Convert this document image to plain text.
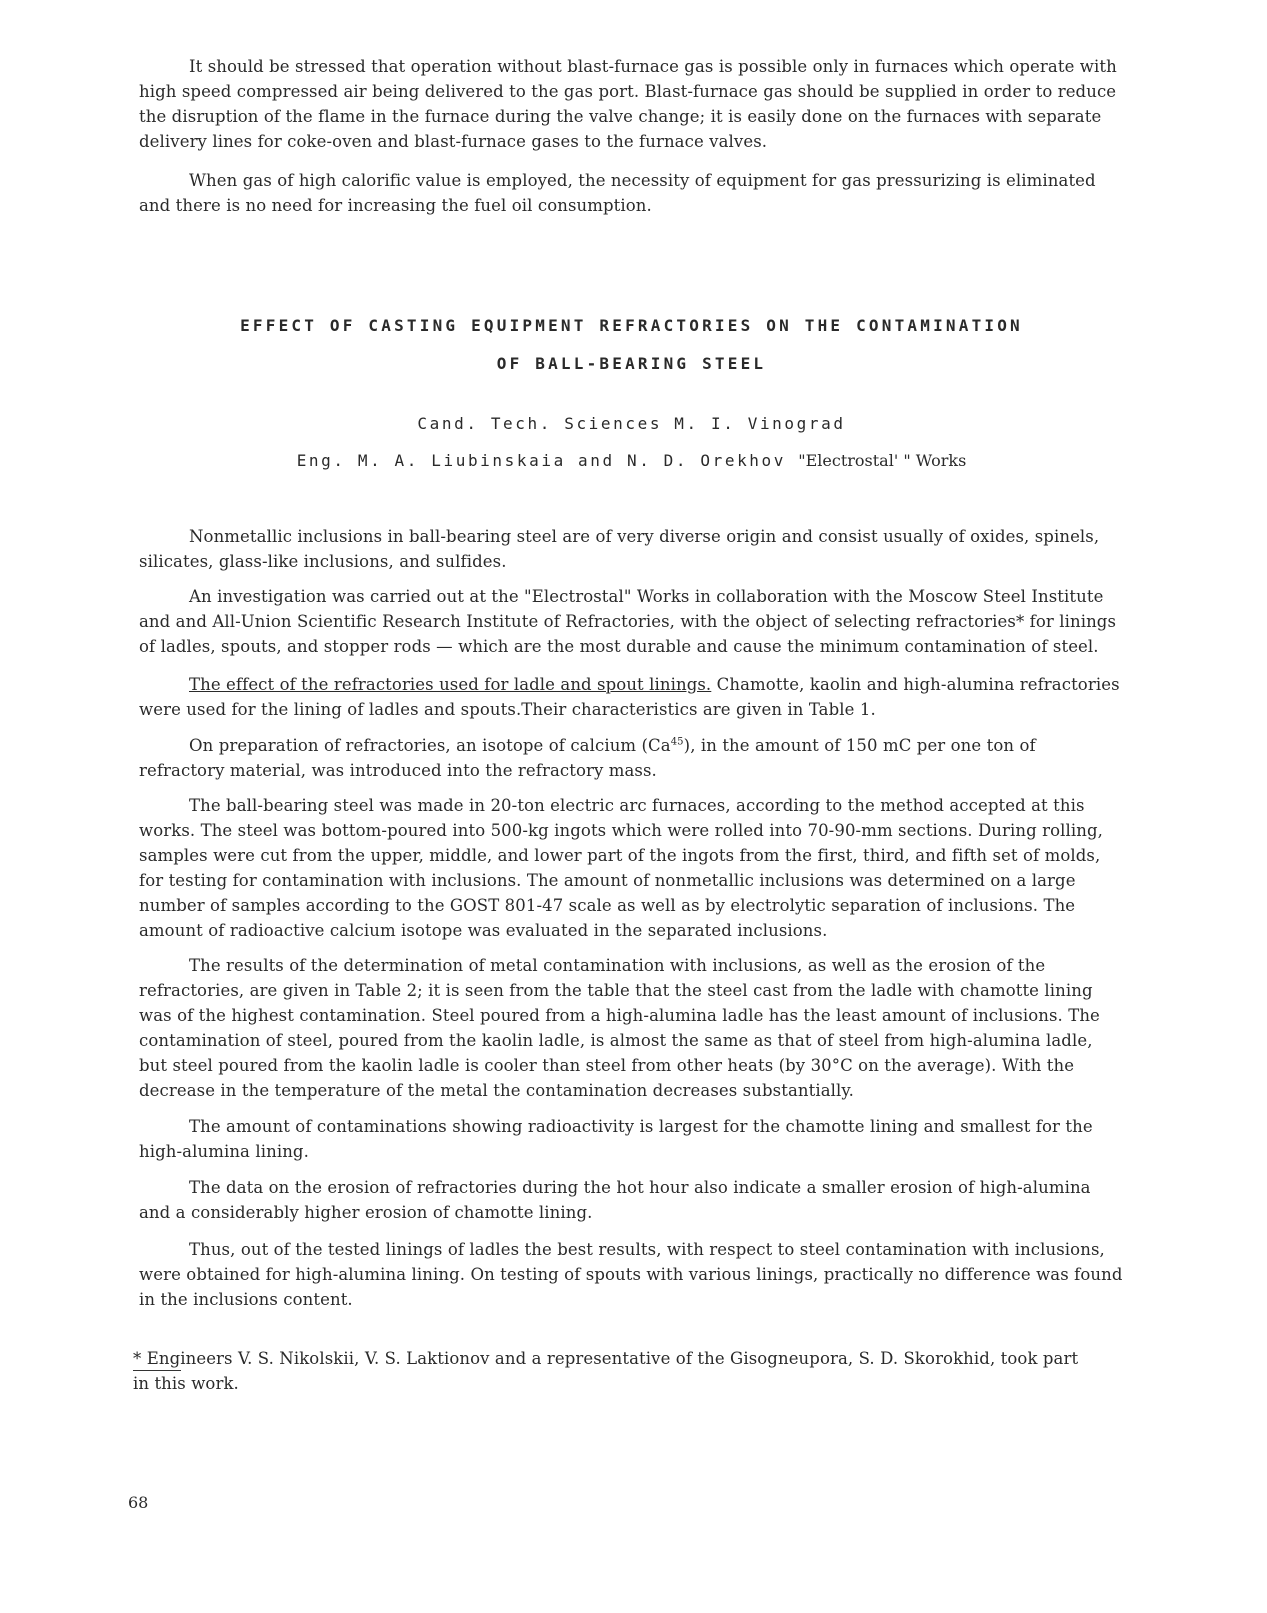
It should be stressed that operation without blast-furnace gas is possible only in furnaces which operate with high speed compressed air being delivered to the gas port. Blast-furnace gas should be supplied in order to reduce the disruption of the flame in the furnace during the valve change; it is easily done on the furnaces with separate delivery lines for coke-oven and blast-furnace gases to the furnace valves.

When gas of high calorific value is employed, the necessity of equipment for gas pressurizing is eliminated and there is no need for increasing the fuel oil consumption.

EFFECT OF CASTING EQUIPMENT REFRACTORIES ON THE CONTAMINATION
OF BALL-BEARING STEEL

Cand. Tech. Sciences M. I. Vinograd

Eng. M. A. Liubinskaia and N. D. Orekhov "Electrostal' " Works

Nonmetallic inclusions in ball-bearing steel are of very diverse origin and consist usually of oxides, spinels, silicates, glass-like inclusions, and sulfides.

An investigation was carried out at the "Electrostal" Works in collaboration with the Moscow Steel Institute and and All-Union Scientific Research Institute of Refractories, with the object of selecting refractories* for linings of ladles, spouts, and stopper rods — which are the most durable and cause the minimum contamination of steel.

The effect of the refractories used for ladle and spout linings. Chamotte, kaolin and high-alumina refractories were used for the lining of ladles and spouts.Their characteristics are given in Table 1.

On preparation of refractories, an isotope of calcium (Ca$^{45}$), in the amount of 150 mC per one ton of refractory material, was introduced into the refractory mass.

The ball-bearing steel was made in 20-ton electric arc furnaces, according to the method accepted at this works. The steel was bottom-poured into 500-kg ingots which were rolled into 70-90-mm sections. During rolling, samples were cut from the upper, middle, and lower part of the ingots from the first, third, and fifth set of molds, for testing for contamination with inclusions. The amount of nonmetallic inclusions was determined on a large number of samples according to the GOST 801-47 scale as well as by electrolytic separation of inclusions. The amount of radioactive calcium isotope was evaluated in the separated inclusions.

The results of the determination of metal contamination with inclusions, as well as the erosion of the refractories, are given in Table 2; it is seen from the table that the steel cast from the ladle with chamotte lining was of the highest contamination. Steel poured from a high-alumina ladle has the least amount of inclusions. The contamination of steel, poured from the kaolin ladle, is almost the same as that of steel from high-alumina ladle, but steel poured from the kaolin ladle is cooler than steel from other heats (by 30°C on the average). With the decrease in the temperature of the metal the contamination decreases substantially.

The amount of contaminations showing radioactivity is largest for the chamotte lining and smallest for the high-alumina lining.

The data on the erosion of refractories during the hot hour also indicate a smaller erosion of high-alumina and a considerably higher erosion of chamotte lining.

Thus, out of the tested linings of ladles the best results, with respect to steel contamination with inclusions, were obtained for high-alumina lining. On testing of spouts with various linings, practically no difference was found in the inclusions content.

* Engineers V. S. Nikolskii, V. S. Laktionov and a representative of the Gisogneupora, S. D. Skorokhid, took part in this work.

68
